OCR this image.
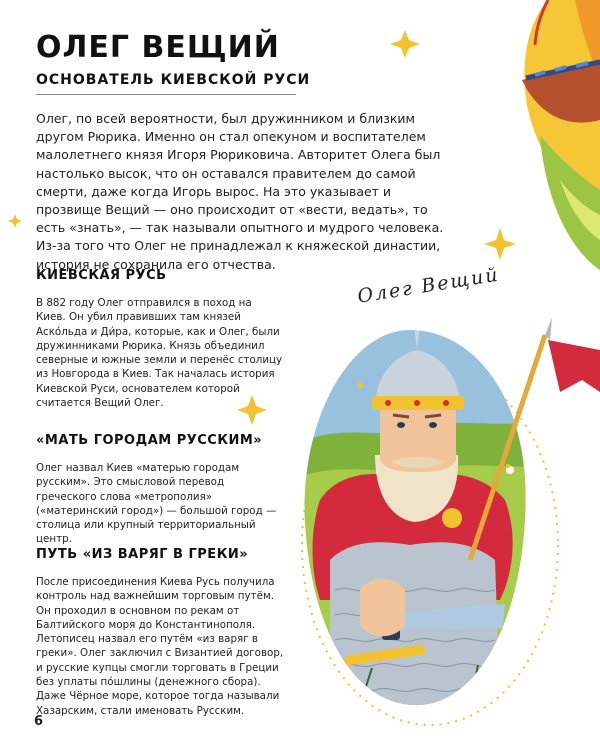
ОЛЕГ ВЕЩИЙ
ОСНОВАТЕЛЬ КИЕВСКОЙ РУСИ

Олег, по всей вероятности, был дружинником и близким другом Рюрика. Именно он стал опекуном и воспитателем малолетнего князя Игоря Рюриковича. Авторитет Олега был настолько высок, что он оставался правителем до самой смерти, даже когда Игорь вырос. На это указывает и прозвище Вещий — оно происходит от «вести, ведать», то есть «знать», — так называли опытного и мудрого человека. Из-за того что Олег не принадлежал к княжеской династии, история не сохранила его отчества.

КИЕВСКАЯ РУСЬ

В 882 году Олег отправился в поход на Киев. Он убил правивших там князей Аско́льда и Ди́ра, которые, как и Олег, были дружинниками Рюрика. Князь объединил северные и южные земли и перенёс столицу из Новгорода в Киев. Так началась история Киевской Руси, основателем которой считается Вещий Олег.

«МАТЬ ГОРОДАМ РУССКИМ»

Олег назвал Киев «матерью городам русским». Это смысловой перевод греческого слова «метрополия» («материнский город») — большой город — столица или крупный территориальный центр.

ПУТЬ «ИЗ ВАРЯГ В ГРЕКИ»

После присоединения Киева Русь получила контроль над важнейшим торговым путём. Он проходил в основном по рекам от Балтийского моря до Константинополя. Летописец назвал его путём «из варяг в греки». Олег заключил с Византией договор, и русские купцы смогли торговать в Греции без уплаты по́шлины (денежного сбора). Даже Чёрное море, которое тогда называли Хазарским, стали именовать Русским.

Олег Вещий
6
